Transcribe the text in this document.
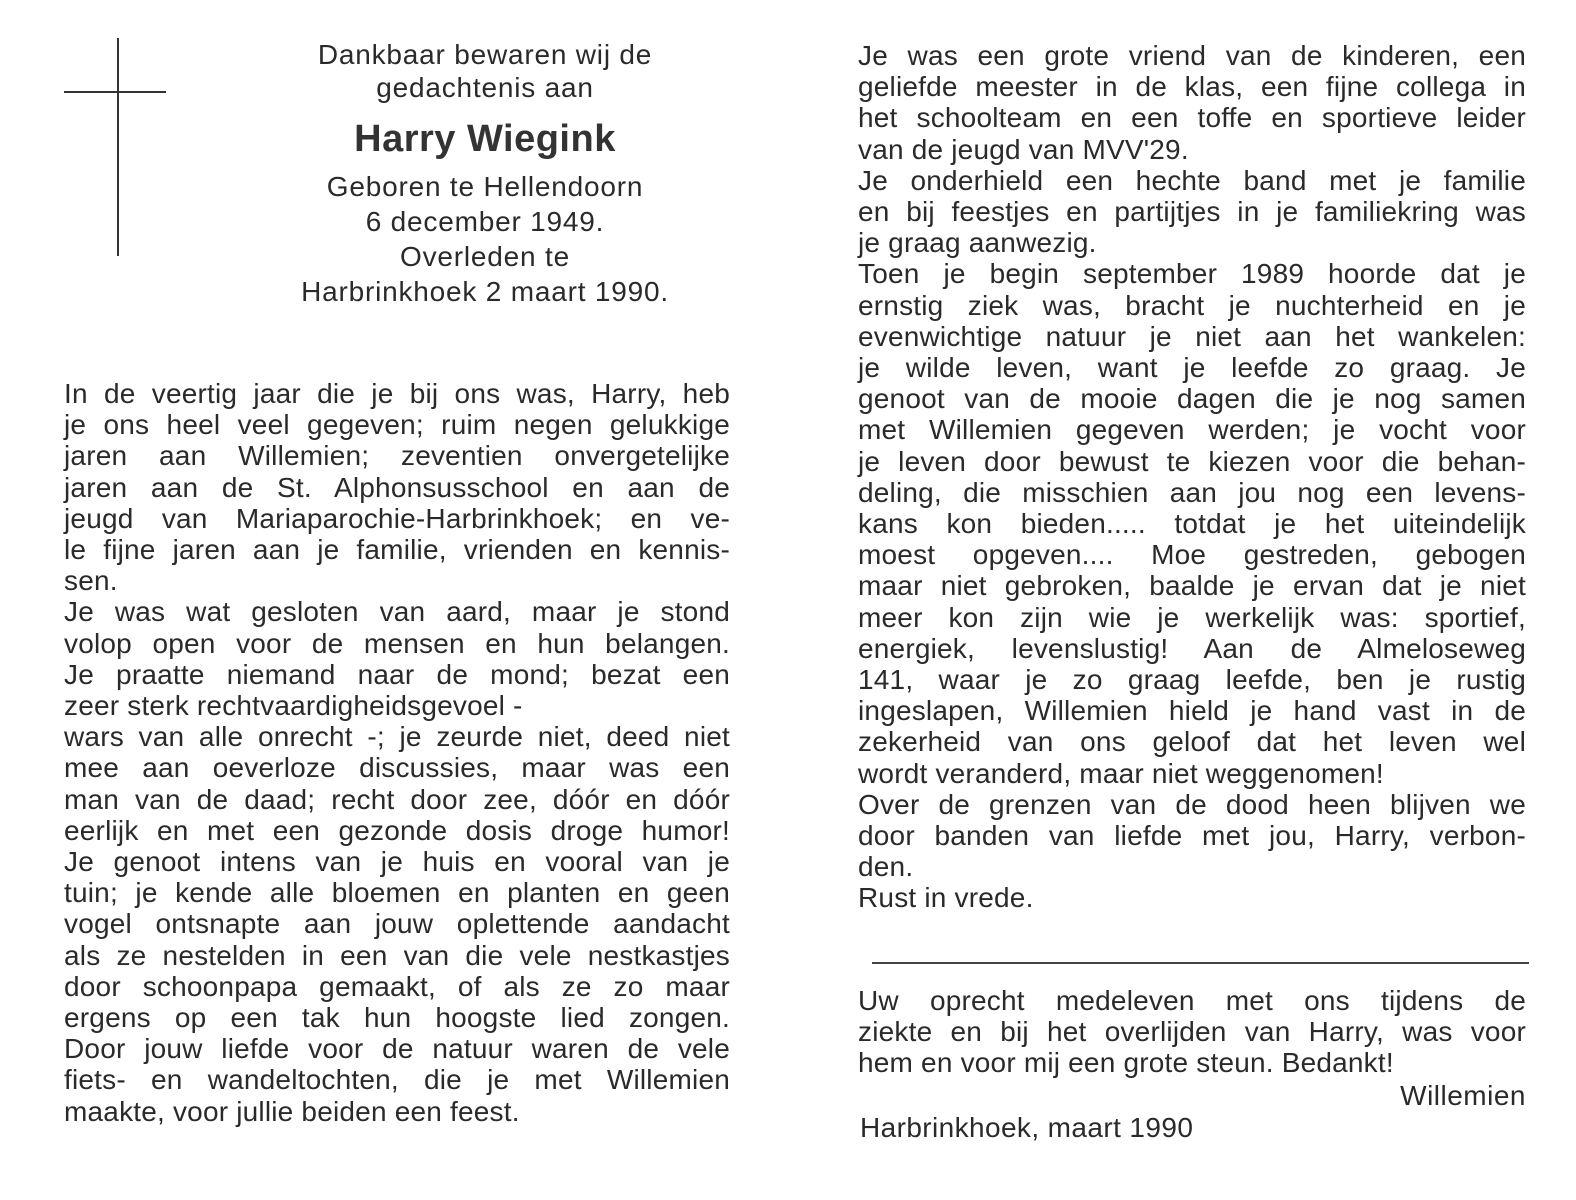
Dankbaar bewaren wij de
gedachtenis aan
Harry Wiegink
Geboren te Hellendoorn
6 december 1949.
Overleden te
Harbrinkhoek 2 maart 1990.
In de veertig jaar die je bij ons was, Harry, heb
je ons heel veel gegeven; ruim negen gelukkige
jaren aan Willemien; zeventien onvergetelijke
jaren aan de St. Alphonsusschool en aan de
jeugd van Mariaparochie-Harbrinkhoek; en ve-
le fijne jaren aan je familie, vrienden en kennis-
sen.
Je was wat gesloten van aard, maar je stond
volop open voor de mensen en hun belangen.
Je praatte niemand naar de mond; bezat een
zeer sterk rechtvaardigheidsgevoel -
wars van alle onrecht -; je zeurde niet, deed niet
mee aan oeverloze discussies, maar was een
man van de daad; recht door zee, dóór en dóór
eerlijk en met een gezonde dosis droge humor!
Je genoot intens van je huis en vooral van je
tuin; je kende alle bloemen en planten en geen
vogel ontsnapte aan jouw oplettende aandacht
als ze nestelden in een van die vele nestkastjes
door schoonpapa gemaakt, of als ze zo maar
ergens op een tak hun hoogste lied zongen.
Door jouw liefde voor de natuur waren de vele
fiets- en wandeltochten, die je met Willemien
maakte, voor jullie beiden een feest.
Je was een grote vriend van de kinderen, een
geliefde meester in de klas, een fijne collega in
het schoolteam en een toffe en sportieve leider
van de jeugd van MVV'29.
Je onderhield een hechte band met je familie
en bij feestjes en partijtjes in je familiekring was
je graag aanwezig.
Toen je begin september 1989 hoorde dat je
ernstig ziek was, bracht je nuchterheid en je
evenwichtige natuur je niet aan het wankelen:
je wilde leven, want je leefde zo graag. Je
genoot van de mooie dagen die je nog samen
met Willemien gegeven werden; je vocht voor
je leven door bewust te kiezen voor die behan-
deling, die misschien aan jou nog een levens-
kans kon bieden..... totdat je het uiteindelijk
moest opgeven.... Moe gestreden, gebogen
maar niet gebroken, baalde je ervan dat je niet
meer kon zijn wie je werkelijk was: sportief,
energiek, levenslustig! Aan de Almeloseweg
141, waar je zo graag leefde, ben je rustig
ingeslapen, Willemien hield je hand vast in de
zekerheid van ons geloof dat het leven wel
wordt veranderd, maar niet weggenomen!
Over de grenzen van de dood heen blijven we
door banden van liefde met jou, Harry, verbon-
den.
Rust in vrede.
Uw oprecht medeleven met ons tijdens de
ziekte en bij het overlijden van Harry, was voor
hem en voor mij een grote steun. Bedankt!
Willemien
Harbrinkhoek, maart 1990
